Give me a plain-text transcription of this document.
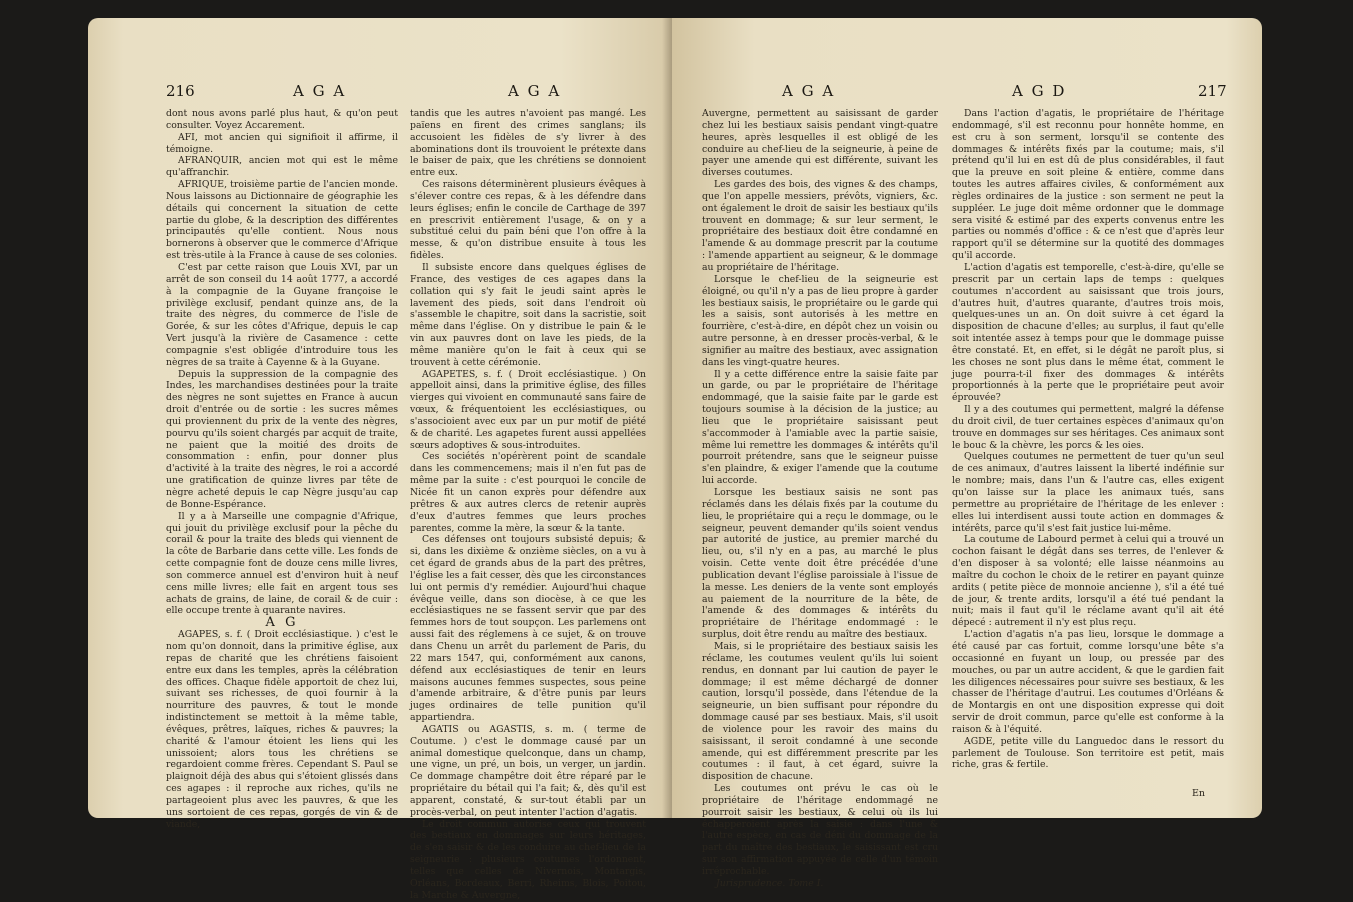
216	A G A	A G A

dont nous avons parlé plus haut, & qu'on peut consulter. Voyez Accarement.

AFI, mot ancien qui signifioit il affirme, il témoigne.

AFRANQUIR, ancien mot qui est le même qu'affranchir.

AFRIQUE, troisième partie de l'ancien monde. Nous laissons au Dictionnaire de géographie les détails qui concernent la situation de cette partie du globe, & la description des différentes principautés qu'elle contient. Nous nous bornerons à observer que le commerce d'Afrique est très-utile à la France à cause de ses colonies.

C'est par cette raison que Louis XVI, par un arrêt de son conseil du 14 août 1777, a accordé à la compagnie de la Guyane françoise le privilège exclusif, pendant quinze ans, de la traite des nègres, du commerce de l'isle de Gorée, & sur les côtes d'Afrique, depuis le cap Vert jusqu'à la rivière de Casamence : cette compagnie s'est obligée d'introduire tous les nègres de sa traite à Cayenne & à la Guyane.

Depuis la suppression de la compagnie des Indes, les marchandises destinées pour la traite des nègres ne sont sujettes en France à aucun droit d'entrée ou de sortie : les sucres mêmes qui proviennent du prix de la vente des nègres, pourvu qu'ils soient chargés par acquit de traite, ne paient que la moitié des droits de consommation : enfin, pour donner plus d'activité à la traite des nègres, le roi a accordé une gratification de quinze livres par tête de nègre acheté depuis le cap Nègre jusqu'au cap de Bonne-Espérance.

Il y a à Marseille une compagnie d'Afrique, qui jouit du privilège exclusif pour la pêche du corail & pour la traite des bleds qui viennent de la côte de Barbarie dans cette ville. Les fonds de cette compagnie font de douze cens mille livres, son commerce annuel est d'environ huit à neuf cens mille livres; elle fait en argent tous ses achats de grains, de laine, de corail & de cuir : elle occupe trente à quarante navires.

A G

AGAPES, s. f. ( Droit ecclésiastique. ) c'est le nom qu'on donnoit, dans la primitive église, aux repas de charité que les chrétiens faisoient entre eux dans les temples, après la célébration des offices. Chaque fidèle apportoit de chez lui, suivant ses richesses, de quoi fournir à la nourriture des pauvres, & tout le monde indistinctement se mettoit à la même table, évêques, prêtres, laïques, riches & pauvres; la charité & l'amour étoient les liens qui les unissoient; alors tous les chrétiens se regardoient comme frères. Cependant S. Paul se plaignoit déjà des abus qui s'étoient glissés dans ces agapes : il reproche aux riches, qu'ils ne partageoient plus avec les pauvres, & que les uns sortoient de ces repas, gorgés de vin & de viande,

tandis que les autres n'avoient pas mangé. Les païens en firent des crimes sanglans; ils accusoient les fidèles de s'y livrer à des abominations dont ils trouvoient le prétexte dans le baiser de paix, que les chrétiens se donnoient entre eux.

Ces raisons déterminèrent plusieurs évêques à s'élever contre ces repas, & à les défendre dans leurs églises; enfin le concile de Carthage de 397 en prescrivit entièrement l'usage, & on y a substitué celui du pain béni que l'on offre à la messe, & qu'on distribue ensuite à tous les fidèles.

Il subsiste encore dans quelques églises de France, des vestiges de ces agapes dans la collation qui s'y fait le jeudi saint après le lavement des pieds, soit dans l'endroit où s'assemble le chapitre, soit dans la sacristie, soit même dans l'église. On y distribue le pain & le vin aux pauvres dont on lave les pieds, de la même manière qu'on le fait à ceux qui se trouvent à cette cérémonie.

AGAPETES, s. f. ( Droit ecclésiastique. ) On appelloit ainsi, dans la primitive église, des filles vierges qui vivoient en communauté sans faire de vœux, & fréquentoient les ecclésiastiques, ou s'associoient avec eux par un pur motif de piété & de charité. Les agapetes furent aussi appellées sœurs adoptives & sous-introduites.

Ces sociétés n'opérèrent point de scandale dans les commencemens; mais il n'en fut pas de même par la suite : c'est pourquoi le concile de Nicée fit un canon exprès pour défendre aux prêtres & aux autres clercs de retenir auprès d'eux d'autres femmes que leurs proches parentes, comme la mère, la sœur & la tante.

Ces défenses ont toujours subsisté depuis; & si, dans les dixième & onzième siècles, on a vu à cet égard de grands abus de la part des prêtres, l'église les a fait cesser, dès que les circonstances lui ont permis d'y remédier. Aujourd'hui chaque évêque veille, dans son diocèse, à ce que les ecclésiastiques ne se fassent servir que par des femmes hors de tout soupçon. Les parlemens ont aussi fait des réglemens à ce sujet, & on trouve dans Chenu un arrêt du parlement de Paris, du 22 mars 1547, qui, conformément aux canons, défend aux ecclésiastiques de tenir en leurs maisons aucunes femmes suspectes, sous peine d'amende arbitraire, & d'être punis par leurs juges ordinaires de telle punition qu'il appartiendra.

AGATIS ou AGASTIS, s. m. ( terme de Coutume. ) c'est le dommage causé par un animal domestique quelconque, dans un champ, une vigne, un pré, un bois, un verger, un jardin. Ce dommage champêtre doit être réparé par le propriétaire du bétail qui l'a fait; &, dès qu'il est apparent, constaté, & sur-tout établi par un procès-verbal, on peut intenter l'action d'agatis.

Le droit commun autorise ceux qui trouvent des bestiaux en dommages sur leurs héritages, de s'en saisir & de les conduire au chef-lieu de la seigneurie : plusieurs coutumes l'ordonnent, telles que celles de Nivernois, Montargis, Orléans, Bordeaux, Berri, Rheims, Blois, Poitou, la Marche & Auvergne,

A G A	A G D	217

Auvergne, permettent au saisissant de garder chez lui les bestiaux saisis pendant vingt-quatre heures, après lesquelles il est obligé de les conduire au chef-lieu de la seigneurie, à peine de payer une amende qui est différente, suivant les diverses coutumes.

Les gardes des bois, des vignes & des champs, que l'on appelle messiers, prévôts, vigniers, &c. ont également le droit de saisir les bestiaux qu'ils trouvent en dommage; & sur leur serment, le propriétaire des bestiaux doit être condamné en l'amende & au dommage prescrit par la coutume : l'amende appartient au seigneur, & le dommage au propriétaire de l'héritage.

Lorsque le chef-lieu de la seigneurie est éloigné, ou qu'il n'y a pas de lieu propre à garder les bestiaux saisis, le propriétaire ou le garde qui les a saisis, sont autorisés à les mettre en fourrière, c'est-à-dire, en dépôt chez un voisin ou autre personne, à en dresser procès-verbal, & le signifier au maître des bestiaux, avec assignation dans les vingt-quatre heures.

Il y a cette différence entre la saisie faite par un garde, ou par le propriétaire de l'héritage endommagé, que la saisie faite par le garde est toujours soumise à la décision de la justice; au lieu que le propriétaire saisissant peut s'accommoder à l'amiable avec la partie saisie, même lui remettre les dommages & intérêts qu'il pourroit prétendre, sans que le seigneur puisse s'en plaindre, & exiger l'amende que la coutume lui accorde.

Lorsque les bestiaux saisis ne sont pas réclamés dans les délais fixés par la coutume du lieu, le propriétaire qui a reçu le dommage, ou le seigneur, peuvent demander qu'ils soient vendus par autorité de justice, au premier marché du lieu, ou, s'il n'y en a pas, au marché le plus voisin. Cette vente doit être précédée d'une publication devant l'église paroissiale à l'issue de la messe. Les deniers de la vente sont employés au paiement de la nourriture de la bête, de l'amende & des dommages & intérêts du propriétaire de l'héritage endommagé : le surplus, doit être rendu au maître des bestiaux.

Mais, si le propriétaire des bestiaux saisis les réclame, les coutumes veulent qu'ils lui soient rendus, en donnant par lui caution de payer le dommage; il est même déchargé de donner caution, lorsqu'il possède, dans l'étendue de la seigneurie, un bien suffisant pour répondre du dommage causé par ses bestiaux. Mais, s'il usoit de violence pour les ravoir des mains du saisissant, il seroit condamné à une seconde amende, qui est différemment prescrite par les coutumes : il faut, à cet égard, suivre la disposition de chacune.

Les coutumes ont prévu le cas où le propriétaire de l'héritage endommagé ne pourroit saisir les bestiaux, & celui où ils lui échapperoient après la saisie : dans l'une & l'autre espèce, en cas de déni du dommage de la part du maître des bestiaux, le saisissant est cru sur son affirmation appuyée de celle d'un témoin irréprochable.

Jurisprudence. Tome I.

Dans l'action d'agatis, le propriétaire de l'héritage endommagé, s'il est reconnu pour honnête homme, en est cru à son serment, lorsqu'il se contente des dommages & intérêts fixés par la coutume; mais, s'il prétend qu'il lui en est dû de plus considérables, il faut que la preuve en soit pleine & entière, comme dans toutes les autres affaires civiles, & conformément aux règles ordinaires de la justice : son serment ne peut la suppléer. Le juge doit même ordonner que le dommage sera visité & estimé par des experts convenus entre les parties ou nommés d'office : & ce n'est que d'après leur rapport qu'il se détermine sur la quotité des dommages qu'il accorde.

L'action d'agatis est temporelle, c'est-à-dire, qu'elle se prescrit par un certain laps de temps : quelques coutumes n'accordent au saisissant que trois jours, d'autres huit, d'autres quarante, d'autres trois mois, quelques-unes un an. On doit suivre à cet égard la disposition de chacune d'elles; au surplus, il faut qu'elle soit intentée assez à temps pour que le dommage puisse être constaté. Et, en effet, si le dégât ne paroît plus, si les choses ne sont plus dans le même état, comment le juge pourra-t-il fixer des dommages & intérêts proportionnés à la perte que le propriétaire peut avoir éprouvée?

Il y a des coutumes qui permettent, malgré la défense du droit civil, de tuer certaines espèces d'animaux qu'on trouve en dommages sur ses héritages. Ces animaux sont le bouc & la chèvre, les porcs & les oies.

Quelques coutumes ne permettent de tuer qu'un seul de ces animaux, d'autres laissent la liberté indéfinie sur le nombre; mais, dans l'un & l'autre cas, elles exigent qu'on laisse sur la place les animaux tués, sans permettre au propriétaire de l'héritage de les enlever : elles lui interdisent aussi toute action en dommages & intérêts, parce qu'il s'est fait justice lui-même.

La coutume de Labourd permet à celui qui a trouvé un cochon faisant le dégât dans ses terres, de l'enlever & d'en disposer à sa volonté; elle laisse néanmoins au maître du cochon le choix de le retirer en payant quinze ardits ( petite pièce de monnoie ancienne ), s'il a été tué de jour, & trente ardits, lorsqu'il a été tué pendant la nuit; mais il faut qu'il le réclame avant qu'il ait été dépecé : autrement il n'y est plus reçu.

L'action d'agatis n'a pas lieu, lorsque le dommage a été causé par cas fortuit, comme lorsqu'une bête s'a occasionné en fuyant un loup, ou pressée par des mouches, ou par un autre accident, & que le gardien fait les diligences nécessaires pour suivre ses bestiaux, & les chasser de l'héritage d'autrui. Les coutumes d'Orléans & de Montargis en ont une disposition expresse qui doit servir de droit commun, parce qu'elle est conforme à la raison & à l'équité.

AGDE, petite ville du Languedoc dans le ressort du parlement de Toulouse. Son territoire est petit, mais riche, gras & fertile.

En
